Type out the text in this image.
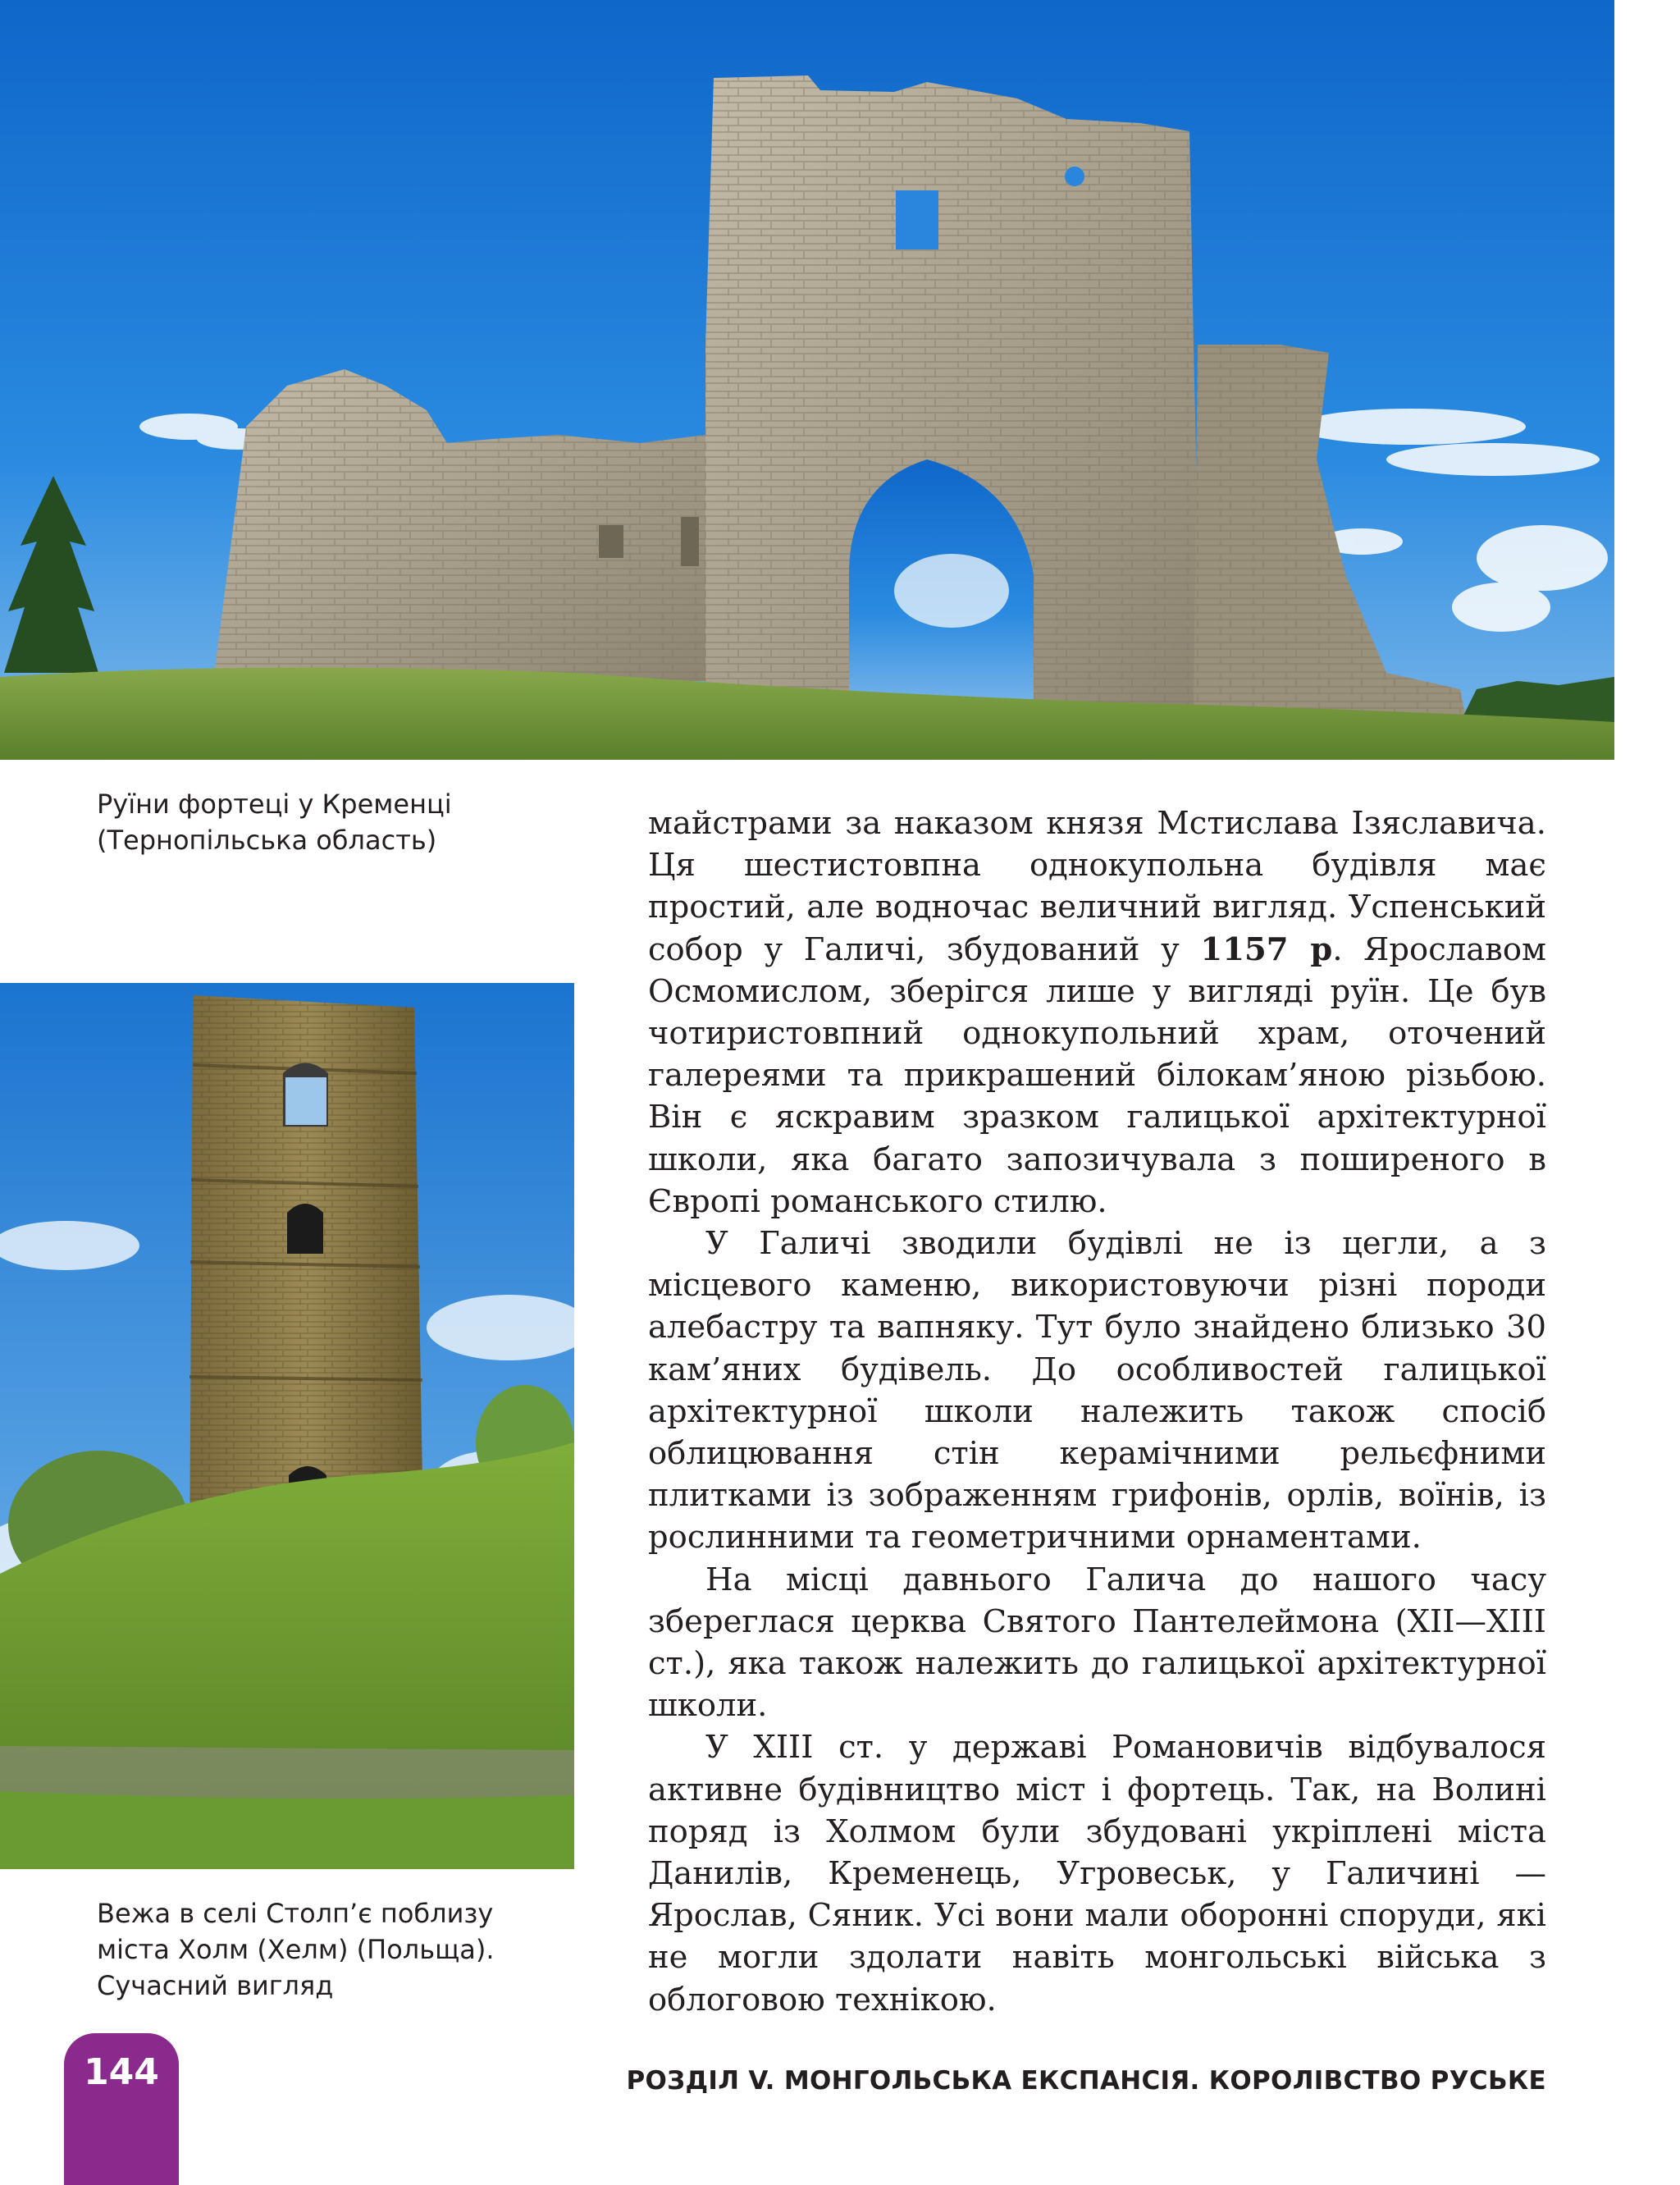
Руїни фортеці у Кременці
(Тернопільська область)
Вежа в селі Столп’є поблизу
міста Холм (Хелм) (Польща).
Сучасний вигляд

майстрами за наказом князя Мстислава Ізяславича. Ця шестистовпна однокупольна будівля має простий, але водночас величний вигляд. Успенський собор у Галичі, збудований у 1157 р. Ярославом Осмомислом, зберігся лише у вигляді руїн. Це був чотиристовпний однокупольний храм, оточений галереями та прикрашений білокам’яною різьбою. Він є яскравим зразком галицької архітектурної школи, яка багато запозичувала з поширеного в Європі романського стилю.

У Галичі зводили будівлі не із цегли, а з місцевого каменю, використовуючи різні породи алебастру та вапняку. Тут було знайдено близько 30 кам’яних будівель. До особливостей галицької архітектурної школи належить також спосіб облицювання стін керамічними рельєфними плитками із зображенням грифонів, орлів, воїнів, із рослинними та геометричними орнаментами.

На місці давнього Галича до нашого часу збереглася церква Святого Пантелеймона (XII—XIII ст.), яка також належить до галицької архітектурної школи.

У XIII ст. у державі Романовичів відбувалося активне будівництво міст і фортець. Так, на Волині поряд із Холмом були збудовані укріплені міста Данилів, Кременець, Угровеськ, у Галичині — Ярослав, Сяник. Усі вони мали оборонні споруди, які не могли здолати навіть монгольські війська з облоговою технікою.

144	РОЗДІЛ V. МОНГОЛЬСЬКА ЕКСПАНСІЯ. КОРОЛІВСТВО РУСЬКЕ
